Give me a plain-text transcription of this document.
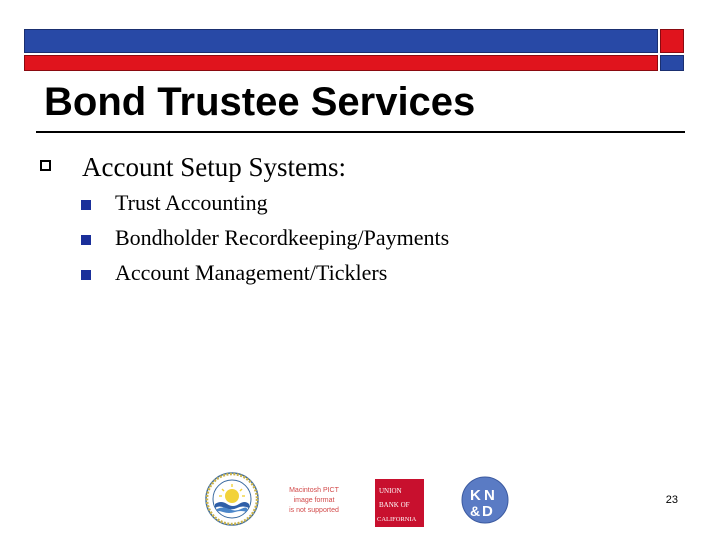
Bond Trustee Services
Account Setup Systems:
Trust Accounting
Bondholder Recordkeeping/Payments
Account Management/Ticklers
Macintosh PICT
image format
is not supported
UNION
BANK OF
CALIFORNIA
K N
& D
23
